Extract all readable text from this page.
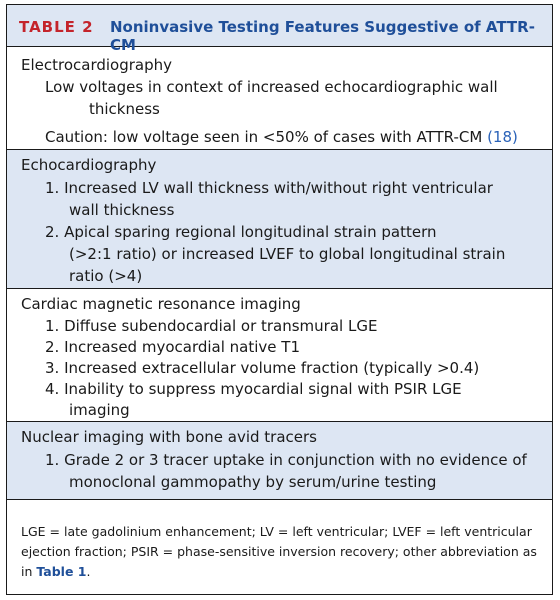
TABLE 2 Noninvasive Testing Features Suggestive of ATTR-CM
Electrocardiography
Low voltages in context of increased echocardiographic wall
thickness
Caution: low voltage seen in <50% of cases with ATTR-CM (18)
Echocardiography
1. Increased LV wall thickness with/without right ventricular
wall thickness
2. Apical sparing regional longitudinal strain pattern
(>2:1 ratio) or increased LVEF to global longitudinal strain
ratio (>4)
Cardiac magnetic resonance imaging
1. Diffuse subendocardial or transmural LGE
2. Increased myocardial native T1
3. Increased extracellular volume fraction (typically >0.4)
4. Inability to suppress myocardial signal with PSIR LGE
imaging
Nuclear imaging with bone avid tracers
1. Grade 2 or 3 tracer uptake in conjunction with no evidence of
monoclonal gammopathy by serum/urine testing
LGE = late gadolinium enhancement; LV = left ventricular; LVEF = left ventricular
ejection fraction; PSIR = phase-sensitive inversion recovery; other abbreviation as
in Table 1.
